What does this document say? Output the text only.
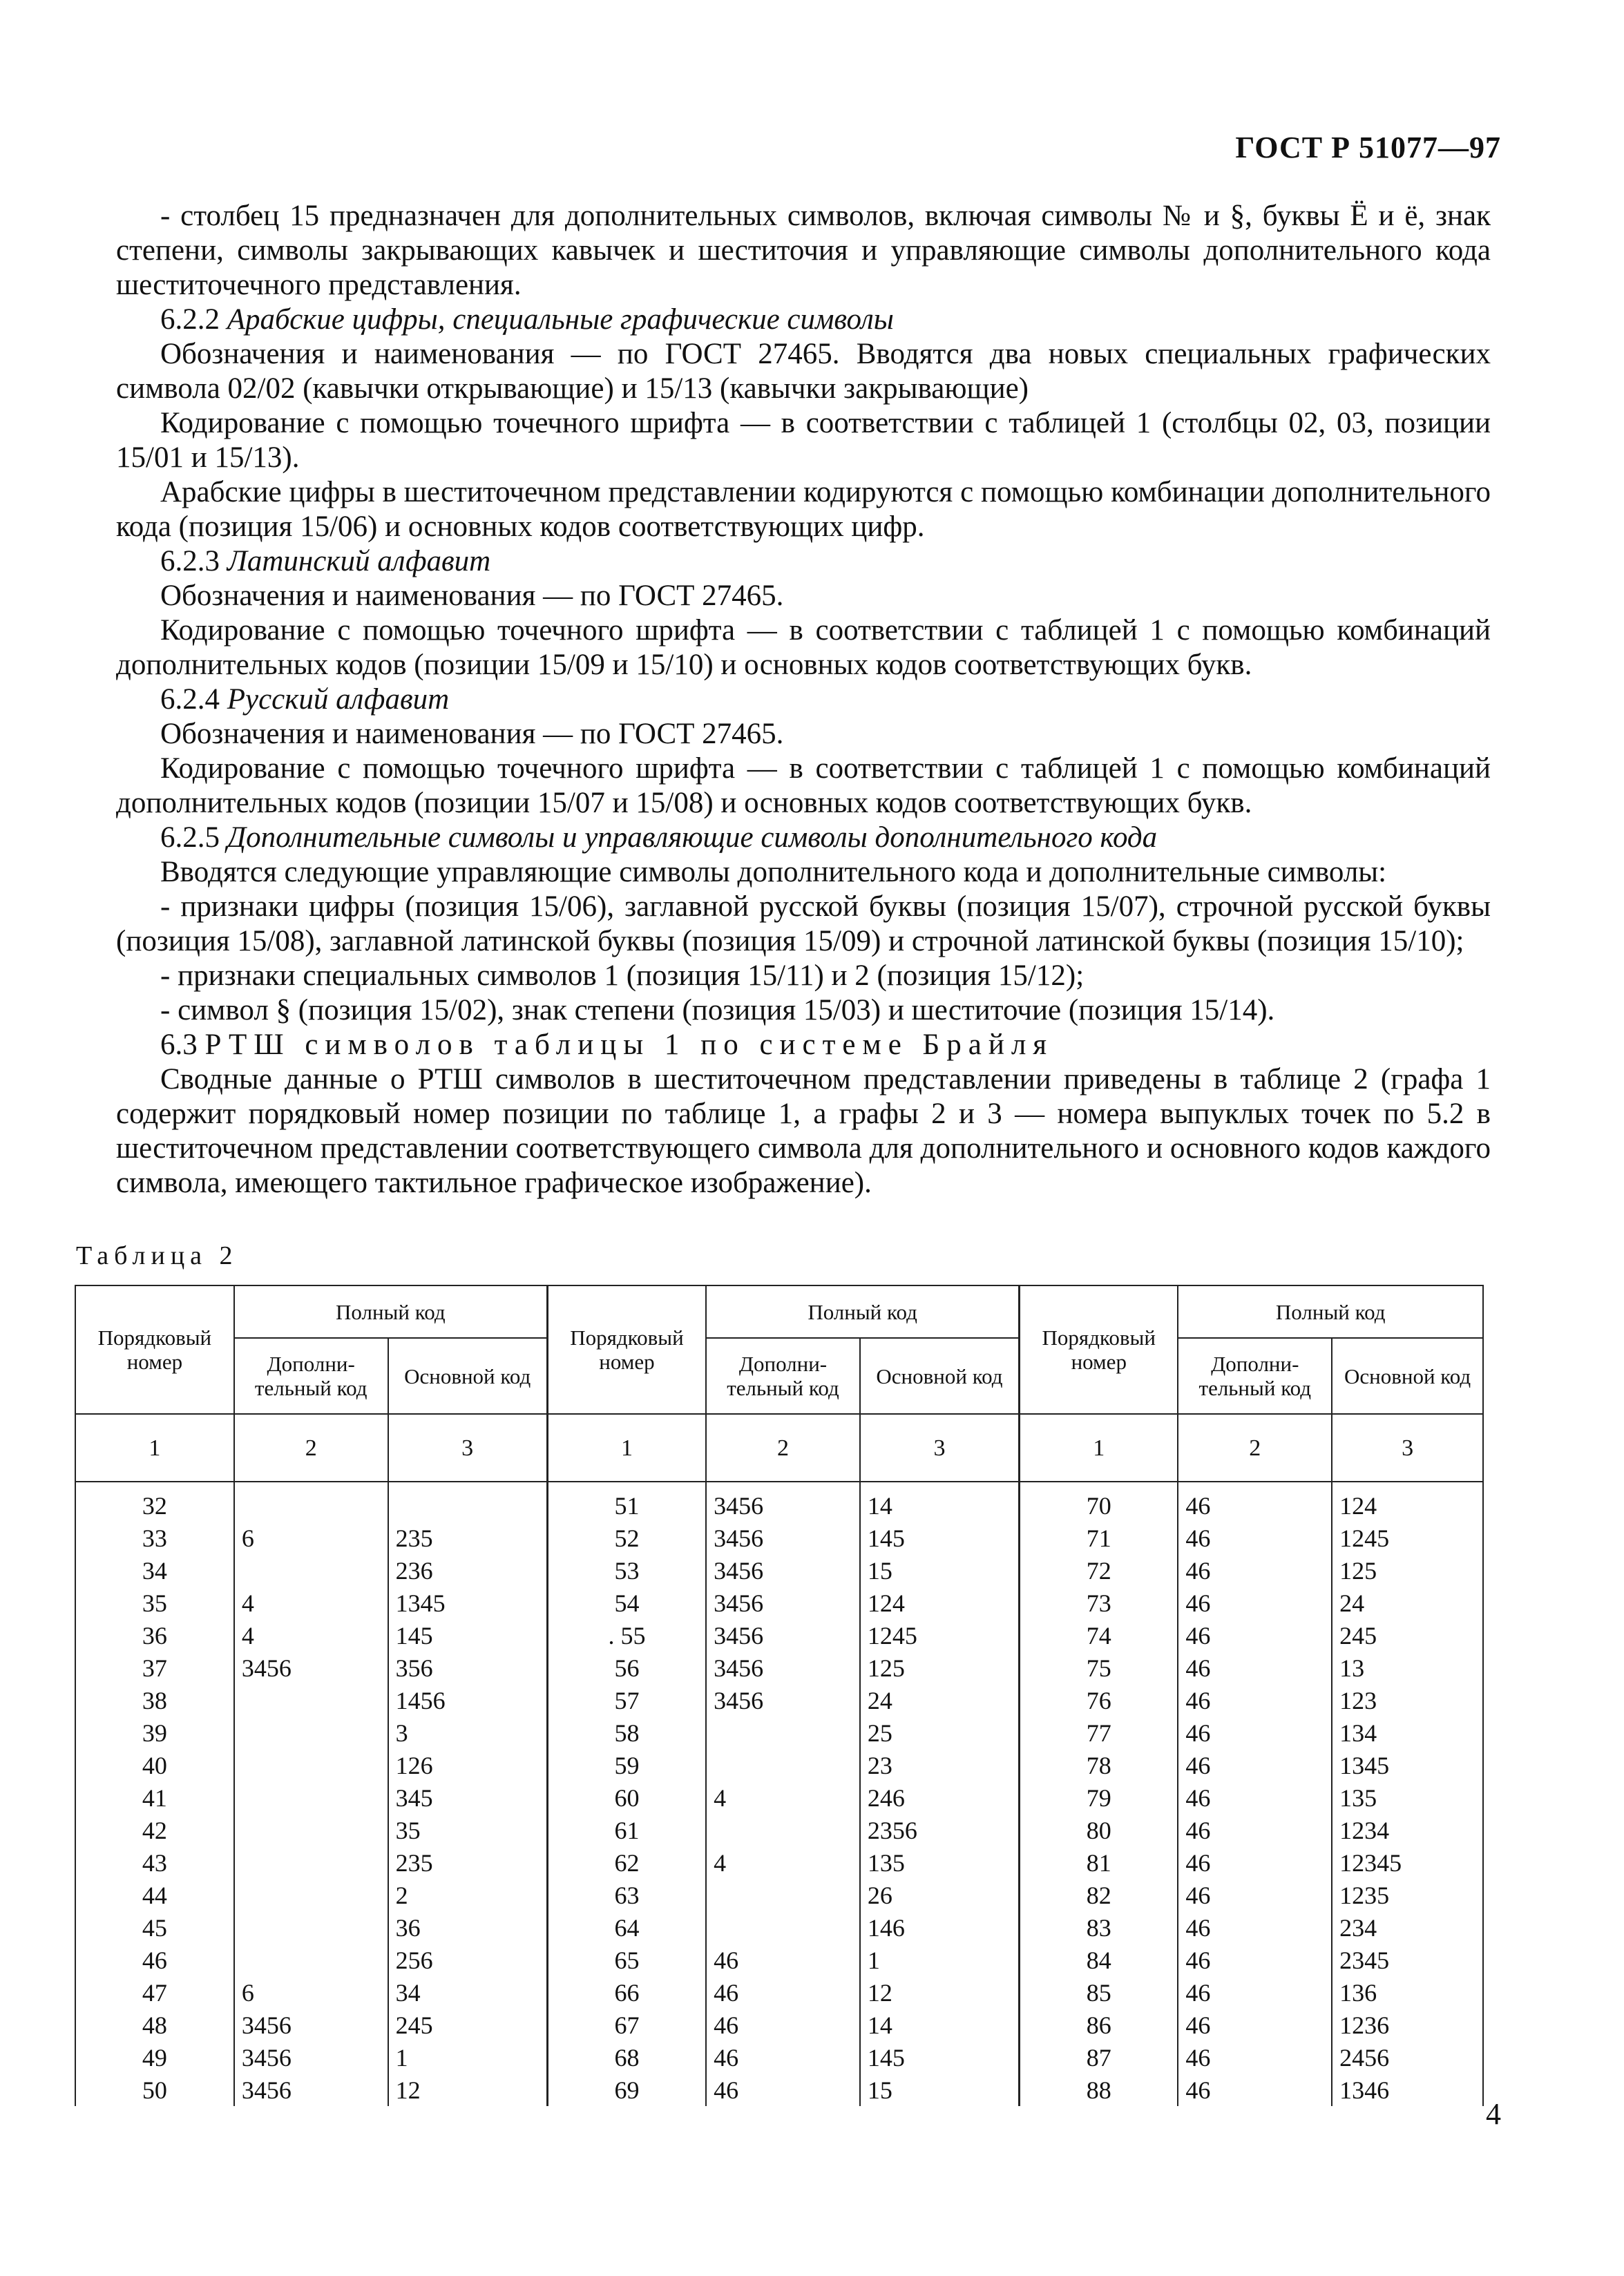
ГОСТ Р 51077—97

- столбец 15 предназначен для дополнительных символов, включая символы № и §, буквы Ё и ё, знак степени, символы закрывающих кавычек и шеститочия и управляющие символы дополнительного кода шеститочечного представления.

6.2.2 Арабские цифры, специальные графические символы

Обозначения и наименования — по ГОСТ 27465. Вводятся два новых специальных графических символа 02/02 (кавычки открывающие) и 15/13 (кавычки закрывающие)

Кодирование с помощью точечного шрифта — в соответствии с таблицей 1 (столбцы 02, 03, позиции 15/01 и 15/13).

Арабские цифры в шеститочечном представлении кодируются с помощью комбинации дополнительного кода (позиция 15/06) и основных кодов соответствующих цифр.

6.2.3 Латинский алфавит

Обозначения и наименования — по ГОСТ 27465.

Кодирование с помощью точечного шрифта — в соответствии с таблицей 1 с помощью комбинаций дополнительных кодов (позиции 15/09 и 15/10) и основных кодов соответствующих букв.

6.2.4 Русский алфавит

Обозначения и наименования — по ГОСТ 27465.

Кодирование с помощью точечного шрифта — в соответствии с таблицей 1 с помощью комбинаций дополнительных кодов (позиции 15/07 и 15/08) и основных кодов соответствующих букв.

6.2.5 Дополнительные символы и управляющие символы дополнительного кода

Вводятся следующие управляющие символы дополнительного кода и дополнительные символы:

- признаки цифры (позиция 15/06), заглавной русской буквы (позиция 15/07), строчной русской буквы (позиция 15/08), заглавной латинской буквы (позиция 15/09) и строчной латинской буквы (позиция 15/10);

- признаки специальных символов 1 (позиция 15/11) и 2 (позиция 15/12);

- символ § (позиция 15/02), знак степени (позиция 15/03) и шеститочие (позиция 15/14).

6.3 РТШ символов таблицы 1 по системе Брайля

Сводные данные о РТШ символов в шеститочечном представлении приведены в таблице 2 (графа 1 содержит порядковый номер позиции по таблице 1, а графы 2 и 3 — номера выпуклых точек по 5.2 в шеститочечном представлении соответствующего символа для дополнительного и основного кодов каждого символа, имеющего тактильное графическое изображение).

Таблица 2
Порядковый номер	Полный код		Порядковый номер	Полный код		Порядковый номер	Полный код	
	Дополни-тельный код	Основной код		Дополни-тельный код	Основной код		Дополни-тельный код	Основной код
1	2	3	1	2	3	1	2	3
32			51	3456	14	70	46	124
33	6	235	52	3456	145	71	46	1245
34		236	53	3456	15	72	46	125
35	4	1345	54	3456	124	73	46	24
36	4	145	. 55	3456	1245	74	46	245
37	3456	356	56	3456	125	75	46	13
38		1456	57	3456	24	76	46	123
39		3	58		25	77	46	134
40		126	59		23	78	46	1345
41		345	60	4	246	79	46	135
42		35	61		2356	80	46	1234
43		235	62	4	135	81	46	12345
44		2	63		26	82	46	1235
45		36	64		146	83	46	234
46		256	65	46	1	84	46	2345
47	6	34	66	46	12	85	46	136
48	3456	245	67	46	14	86	46	1236
49	3456	1	68	46	145	87	46	2456
50	3456	12	69	46	15	88	46	1346
4
